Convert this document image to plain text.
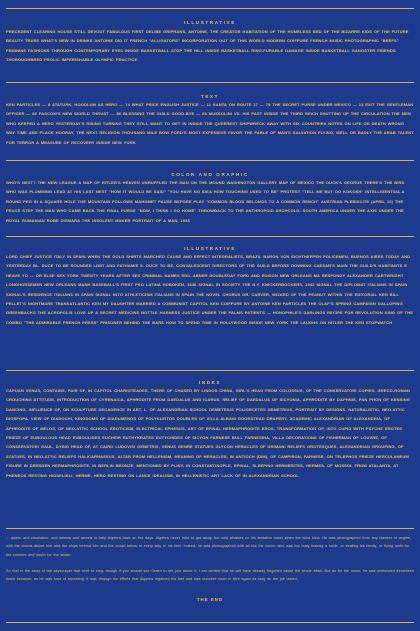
ILLUSTRATIVE
PRECEDENT CLEARING HOUSE STILL DEVOUT FABULOUS FIRST DELIBE GRIPHANS, ANTOINE, THE CREATOR HABITATION OF THE HOMELESS BED OF THE BIZARRE KIDS OF THE FUTURE BEAUTY TRUSE WHAT'S NEW IN DRINKS ANTOINE DID IT FRENCH "ALLIGATORS" INCORPORATION OUT OF THIS WORLD MODERN COIFFURE FRENCH MUSIC PHOTOGRAPHIC "BEEFS" FEMININE FASHIONS THROUGH CONTEMPORARY EYES INSIDE BASKETBALL ATOP THE HILL INSIDE BASKETBALL RING-FURABLE DAMAGE INSIDE BASKETBALL GANGSTER FRIENDS THOROUGHBRED FROLIC IMPERISHABLE OLYMPIC PRACTICE
TEXT
KEN PARTICLES — 8 ATATURK, HOODLUM AS HERO — 74 WHAT PRICE ENGLISH JUSTICE — 11 SANTA ON ROUTE 17 — 79 THE SECRET PURSE UNDER MEXICO — 13 EXIT THE GENTLEMAN OFFICER — 80 PASCOM'S NEW WORLD THRUST — 86 BLESSING THE GUILD GOOD-BYE — 83 MUSSOLINI VS. HIS PAST INSIDE THE THIRD REICH SHUTTING UP THE CIRCULATION THE MEN WHO KEEPED A HERO YESTERDAY'S RISING TURNING THEY STILL WANT TO GET IN INSIDE THE QUEEREST SHIPWRECK AWAY WITH SIX COUNTRIES NOTES ON LIFE OR DEATH WRONG WAY TIME AND PLACE HOORAY, THE NEXT RELIGION THOUSAND MILE BOW FORD'S MOST EXPENSIVE FAVOR THE FABLE OF MAN'S SALVATION FLYING, WELL OR BADLY THE ARAB TALENT FOR TERROR A MEASURE OF RECOVERY INSIDE NEW YORK
COLOR AND GRAPHIC
WHO'S NEXT? THE NEW LEAGUE A MAP OF HITLER'S HEAVEN UNRUFFLED THE MAN ON THE MOUND WASHINGTON GALLERY MAP OF MEXICO THE DUCK'S GEORGE THERE'S THE BIRD WHO WAS PLUMMING LEAD AT HIS LAST NEST "HOW IT WOULD BE SAID" "YOU HAVE NO IDEA HOW TOUCHING USED TO BE" PROTEST "TELL ME BUT DO KOKOSH" INTELLIGENTSIA A ROUND PEG IN A SQUARE HOLE THE MOUNTAIN FOLLOWS MAHOMET PAUSE BEFORE PLAY "COMMON BLOOD BELONGS TO A COMMON RENCH" AUSTRIAN PLEBISCITE (APRIL 10) THE PEACE STEP THE MAN WHO CAME BACK THE FINAL PURGE "NOW, I THINK I GO HOME" THROWBACK TO THE ANTHROPOID ARCHCOLD: SOUTH AMERICA UNDER THE AXIS UNDER THE ROYAL RUMANIAN ROBE DISMARA THE INSOLENT MAKER PORTRAIT OF A MAN, 1938
ILLUSTRATIVE
LORD CHIEF JUSTICE ITALY IN SPAIN WHEN THE GOLD SHIRTS MARCHED CAUSE AND EFFECT INTEGRALISTS, BRAZIL BARON VON EICHTHEPPEN POLICEMEN, BUENOS AIRES TODAY AND YESTERDAY BL. DUCE TO BE ROUNDED LIMIT AND FATHAMIE S. DUCE TO BE, CONVALESCENT DIRECTORS OF THE GUILD BEFORE DOWNING CAESAR'S MAIN THE GUILD'S HABITANTS E HEAVE YO — OR ELSE SEX YORK TWENTY YEARS AFTER SEX CRIMINAL NAMES EDIL ABNER DOUBLEDAY FORD AND EDISON NEW ORLEANS MA RESPONDY ALEXANDER CARTWRIGHT LONGHORSEMEN NEW ORLEANS MANH BASEBALL'S FIRST PRO LATINA HOBOKEN, 1846 SIGNAL IN SOCIETY THE N.Y. KNICKERBOCKERS, 1942 SIGNAL THE DIPLOMAT ITALIANS IN SPAIN SIGNAL'S RESIDENCE ITALIANS IN SPAIN SIGNAL INTO ATHLETICISM ITALIANS IN SPAIN THE NOVEL CHORUS DR. CARVER, WIZARD OF THE PEANUT WITHIN THE EDITORIAL KEN BILL PELLET'S NIGHTMARE TRANSATLANTIC KEN MY DAUGHTER MARRIED A COMMUNIST CAPITOL KEN COIFFURE BY ANTOINE KEN PARTICLES THE OLAF'S SPRING CAMPAIGN GALLOPING GREENBACKS THE ACROPOLIS LOVE UP A SECRET MEDICINE BOTTLE HARNESS JUSTICE UNDER THE PALMS PATIENTS — HONOPHILE'S DARLINGS RECIPE FOR REVOLUTION KING OF THE COMBO "THE ADMIRABLE FRENCH PRESS" PRISONER BEHIND THE BARS HOW TO SPEND TIME IN HOLLYWOOD INSIDE NEW YORK THE LAUGHS ON HITLER THE KEN STOPWATCH
INDEX
CAPUAN VENUS, CONTAINS, PAIR OF, IN CAPITOL CHARIOTEADES, THERE OF CHASED BY LINDOS CHINA, GIRL'S HEAD FROM COLOSSUS, OF THE CONSERVATORI COPIES, GRECO-ROMAN CROUCHING ATTITUDE, INTRODUCTION OF CYRENAICA, APHRODITE FROM DAEDALUS AND ICARUS, RELIEF OF DAEDALUS OF SICYONIA, APHRODITE BY DAPHNIS, PAN PHON OF KENSING DANCING, INFLUENCE OF, ON SCULPTURE DECADENCE IN ART, L. OF ALEXANDRIAN SCHOOL DEMETRIUS POLIORCETES DEMETRIUS, PORTRAIT BY DESIGNS, NATURALISTIC, NEO-ATTIC DIOSPOPA, VIEW OF DIADOCHI, KINGDOMS OF DIADUMENOS OF POLYKLEITOS DOUBLES OF VILLA ALBANI DOORSTEAD DRAPERY, ACADEMIC ALEXANDRIAN OF ALEXANDRIA, OF APHRODITE OF MELOS, OF NEO-ATTIC SCHOOL EROTICISM, ELECTRICAL EPHESUS, ART OF EPINAL HERMAPHRODITE EROS, TRANSFORMATION OF, INTO CUPID WITH PSYCHE EROTES FRIEZE OF EUBOULOUS HEAD EUBOULIDES EUCHEIR EUTHYKRATES EUTYCHIDES OF SICYON FARNESE BULL FARNESINA, VILLA DECORATIONS OF FISHERMAN OF LOUVRE, OF CONSERVATORI GAUL, DYING HEAD OF, AT CAIRO LUDOVISI GENETRIX, VENUS GENRE STATUES GLYCON HERACLES OF GRIMANI RELIEFS GROTESQUES, ALEXANDRIAN GROUPING, OF STATUES, IN NEO-ATTIC RELIEFS HALICARNASSUS, ALTAR FROM HELLENISM, MEANING OF HERACLES, IN ANTIOCH (DIM), OF CAMPIRON, FARNESE, ON TELEPHOS FRIEZE HERCULANEUM FIGURE IN DRESDEN HERMAPHRODITE, IN BERLIN BRONZE, MENTIONED BY PLINY, IN CONSTANTINOPLE, EPINAL, SLEEPING HERMERITES, HERMES, OF MOSSOL FROM ATALANTA, AT PHENEOS RESTING HIOSELIKLI, HERME, HERO RESTING ON LANCE IDEALISM, IN HELLENISTIC ART LACK OF IN ALEXANDRIAN SCHOOL
... queen and circulation, and wheels and wheels to help Algebra back on the days. Algebra never tried to get away, but only whistles on his tentative tower when the wind blew. He was photographed from any number of angles, with the clouds above him and the ships behind him and the crowd below to every way in his feet. Indeed, he was photographed with all but the moon, who was too busy making a smile, or beating his family, or flying north for the summer and south for the winter.
So that is the story of the skyscraper that tried to sing, though if you should see Green to tell you about it, I am certain that he will have already forgotten about the whole affair. But as for the moon, he was sentenced seventeen times because, as he was fond of repeating, it was through his efforts that Algebra regained his feet and was included soon in wire again as long as the job lasted.
THE END
